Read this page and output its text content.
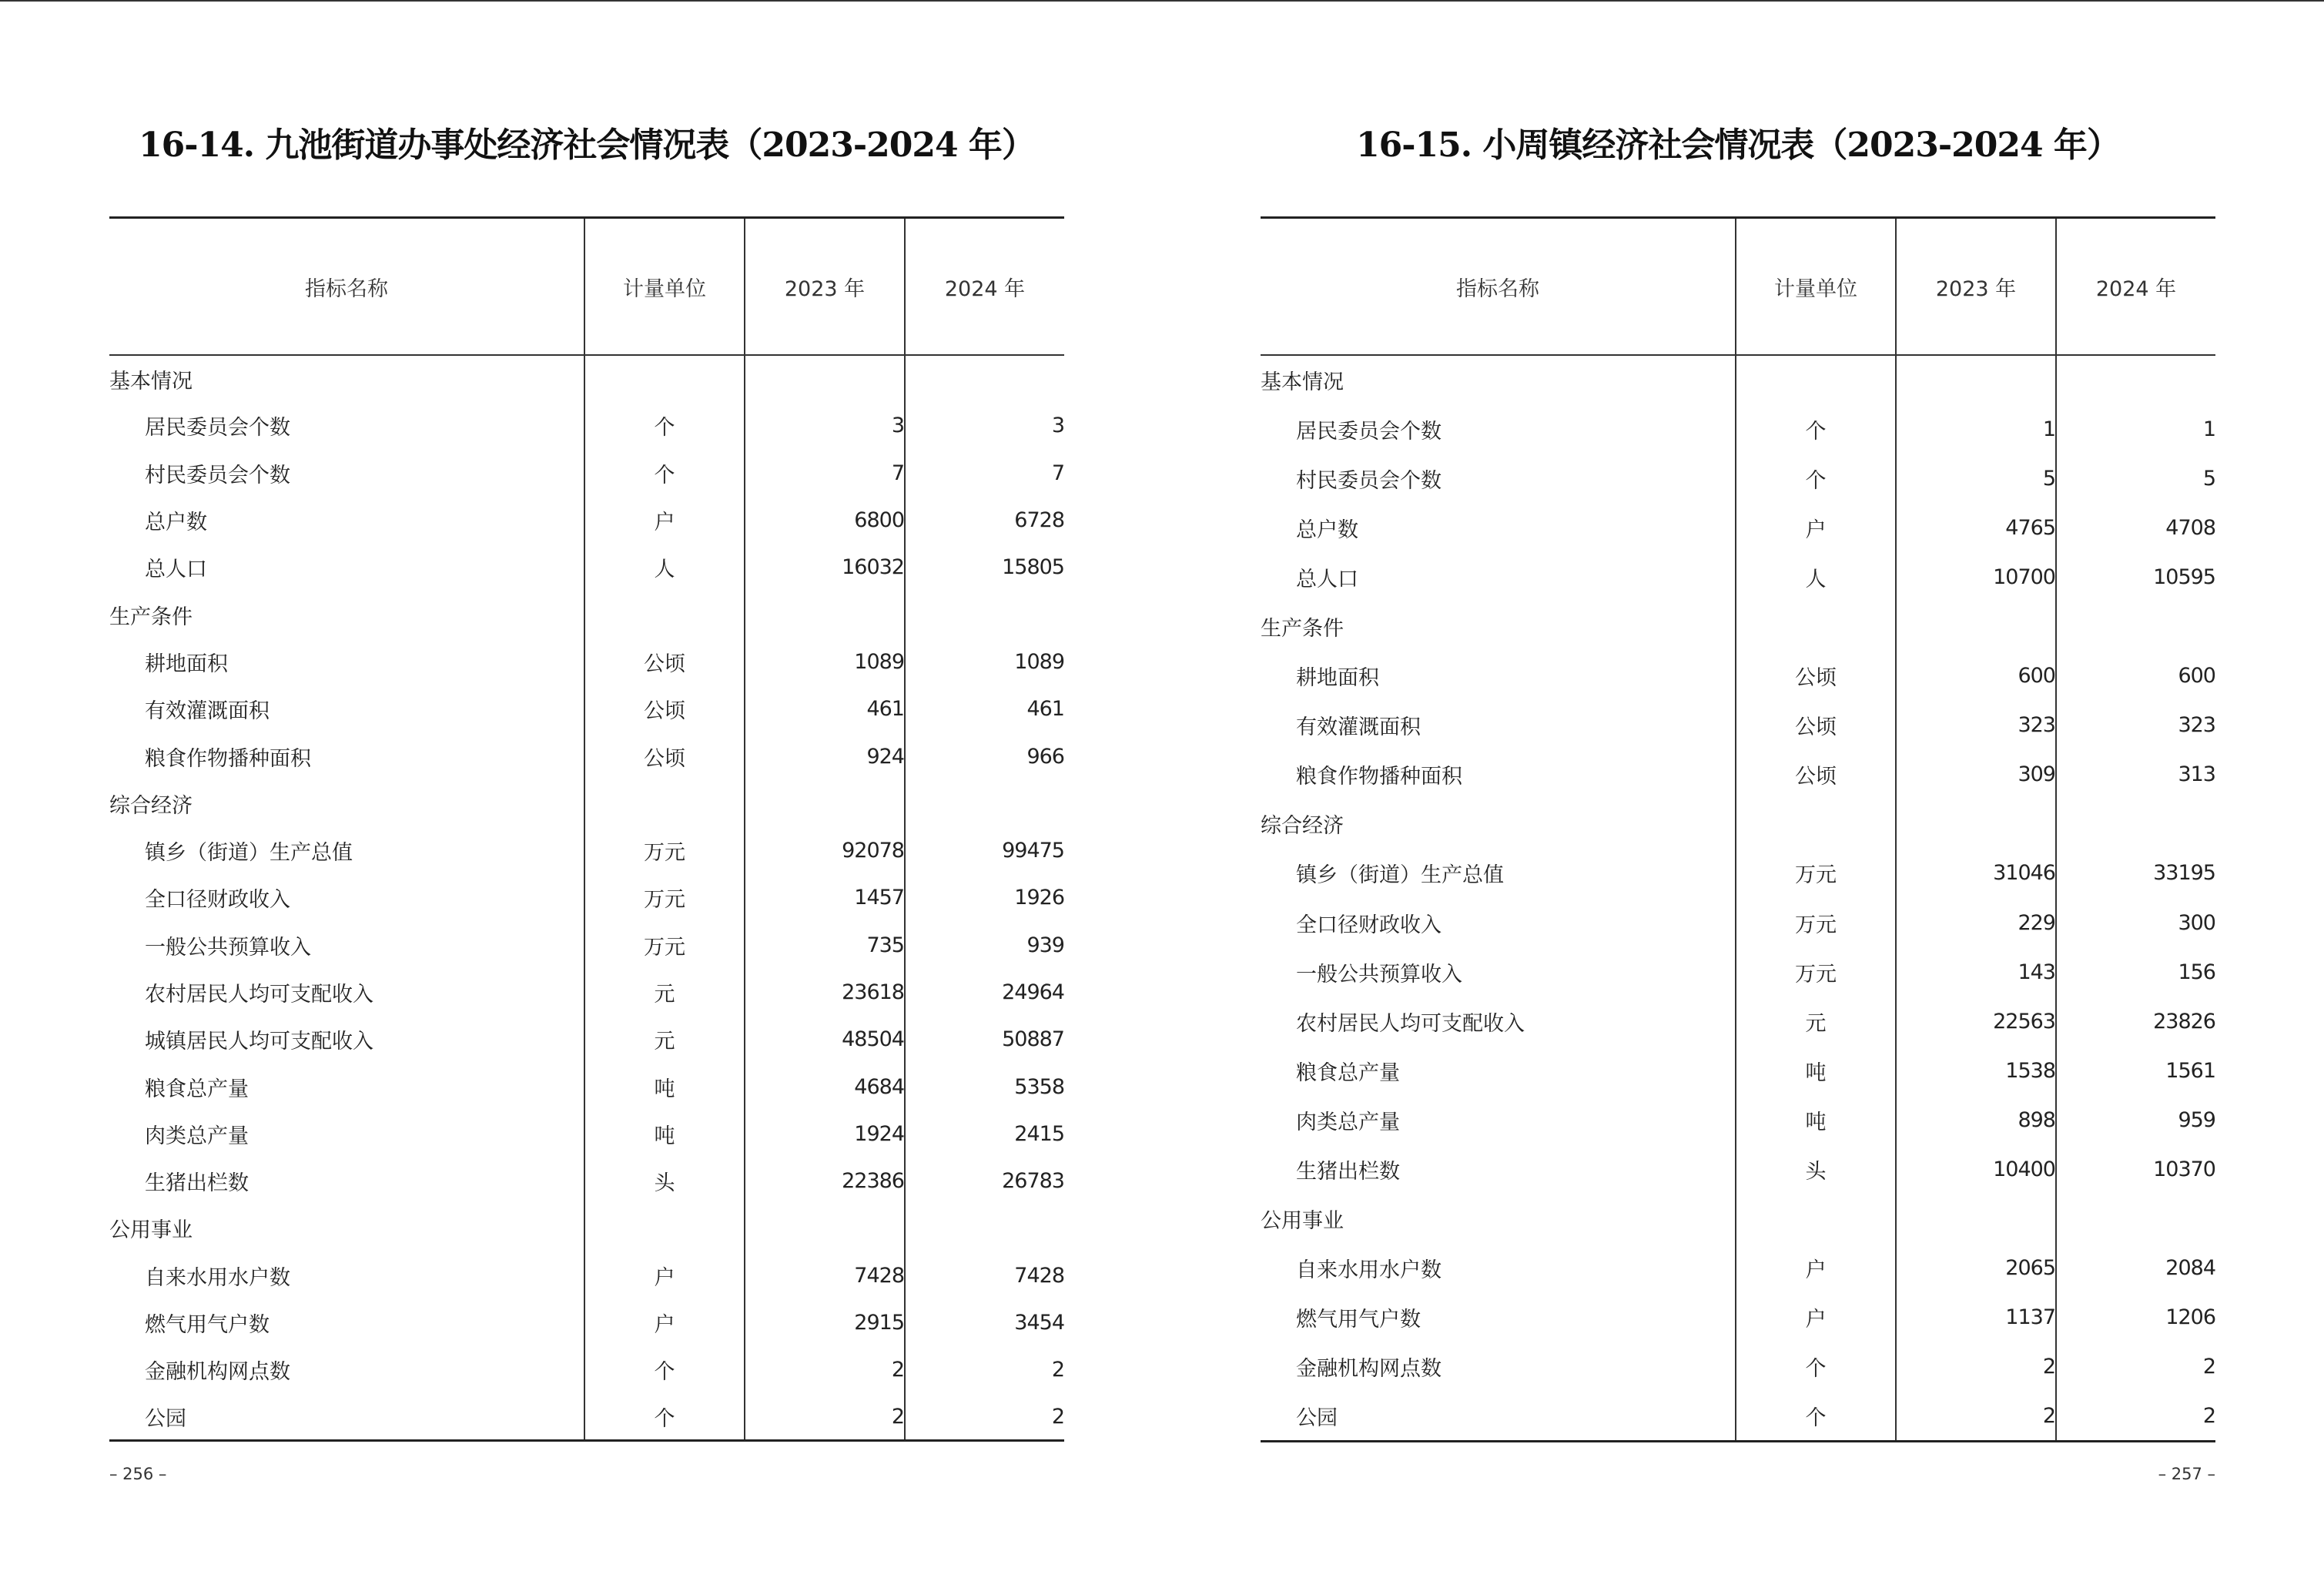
16-14. 九池街道办事处经济社会情况表（2023-2024 年）
指标名称	计量单位	2023 年	2024 年
基本情况			
居民委员会个数	个	3	3
村民委员会个数	个	7	7
总户数	户	6800	6728
总人口	人	16032	15805
生产条件			
耕地面积	公顷	1089	1089
有效灌溉面积	公顷	461	461
粮食作物播种面积	公顷	924	966
综合经济			
镇乡（街道）生产总值	万元	92078	99475
全口径财政收入	万元	1457	1926
一般公共预算收入	万元	735	939
农村居民人均可支配收入	元	23618	24964
城镇居民人均可支配收入	元	48504	50887
粮食总产量	吨	4684	5358
肉类总产量	吨	1924	2415
生猪出栏数	头	22386	26783
公用事业			
自来水用水户数	户	7428	7428
燃气用气户数	户	2915	3454
金融机构网点数	个	2	2
公园	个	2	2
– 256 –
16-15. 小周镇经济社会情况表（2023-2024 年）
指标名称	计量单位	2023 年	2024 年
基本情况			
居民委员会个数	个	1	1
村民委员会个数	个	5	5
总户数	户	4765	4708
总人口	人	10700	10595
生产条件			
耕地面积	公顷	600	600
有效灌溉面积	公顷	323	323
粮食作物播种面积	公顷	309	313
综合经济			
镇乡（街道）生产总值	万元	31046	33195
全口径财政收入	万元	229	300
一般公共预算收入	万元	143	156
农村居民人均可支配收入	元	22563	23826
粮食总产量	吨	1538	1561
肉类总产量	吨	898	959
生猪出栏数	头	10400	10370
公用事业			
自来水用水户数	户	2065	2084
燃气用气户数	户	1137	1206
金融机构网点数	个	2	2
公园	个	2	2
– 257 –
